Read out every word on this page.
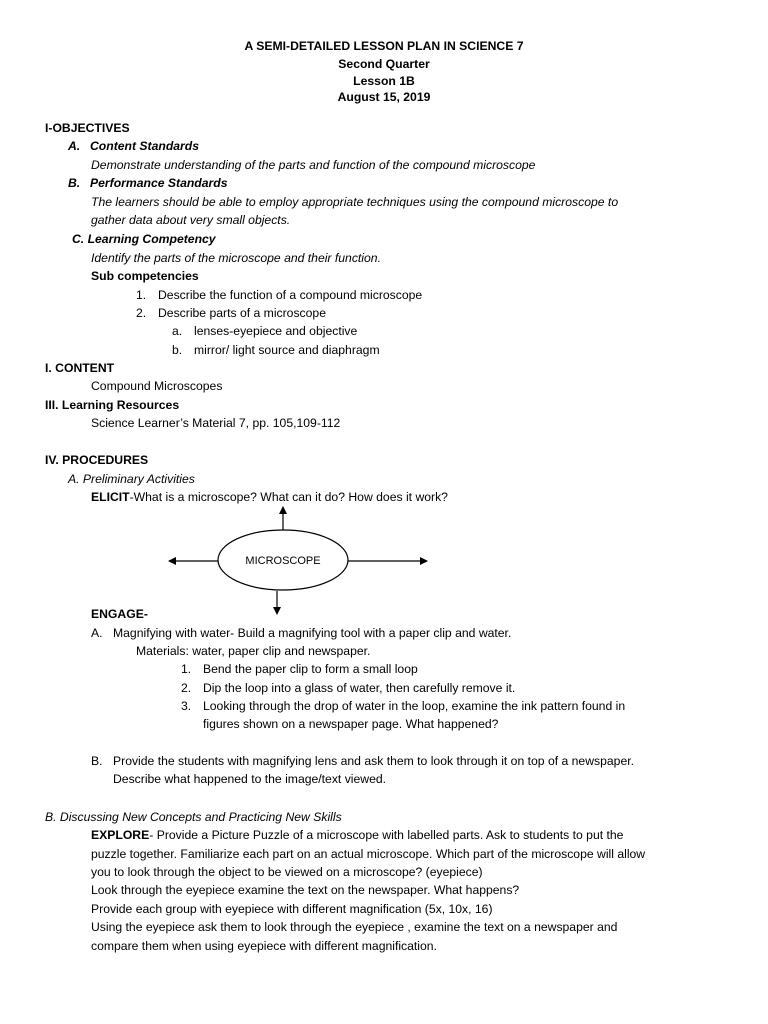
A SEMI-DETAILED LESSON PLAN IN SCIENCE 7
Second Quarter
Lesson 1B
August 15, 2019
I-OBJECTIVES
A. Content Standards
Demonstrate understanding of the parts and function of the compound microscope
B. Performance Standards
The learners should be able to employ appropriate techniques using the compound microscope to
gather data about very small objects.
C. Learning Competency
Identify the parts of the microscope and their function.
Sub competencies
1. Describe the function of a compound microscope
2. Describe parts of a microscope
a. lenses-eyepiece and objective
b. mirror/ light source and diaphragm
I. CONTENT
Compound Microscopes
III. Learning Resources
Science Learner’s Material 7, pp. 105,109-112
IV. PROCEDURES
A. Preliminary Activities
ELICIT-What is a microscope? What can it do? How does it work?
MICROSCOPE
ENGAGE-
A. Magnifying with water- Build a magnifying tool with a paper clip and water.
Materials: water, paper clip and newspaper.
1. Bend the paper clip to form a small loop
2. Dip the loop into a glass of water, then carefully remove it.
3. Looking through the drop of water in the loop, examine the ink pattern found in
figures shown on a newspaper page. What happened?
B. Provide the students with magnifying lens and ask them to look through it on top of a newspaper.
Describe what happened to the image/text viewed.
B. Discussing New Concepts and Practicing New Skills
EXPLORE- Provide a Picture Puzzle of a microscope with labelled parts. Ask to students to put the
puzzle together. Familiarize each part on an actual microscope. Which part of the microscope will allow
you to look through the object to be viewed on a microscope? (eyepiece)
Look through the eyepiece examine the text on the newspaper. What happens?
Provide each group with eyepiece with different magnification (5x, 10x, 16)
Using the eyepiece ask them to look through the eyepiece , examine the text on a newspaper and
compare them when using eyepiece with different magnification.
